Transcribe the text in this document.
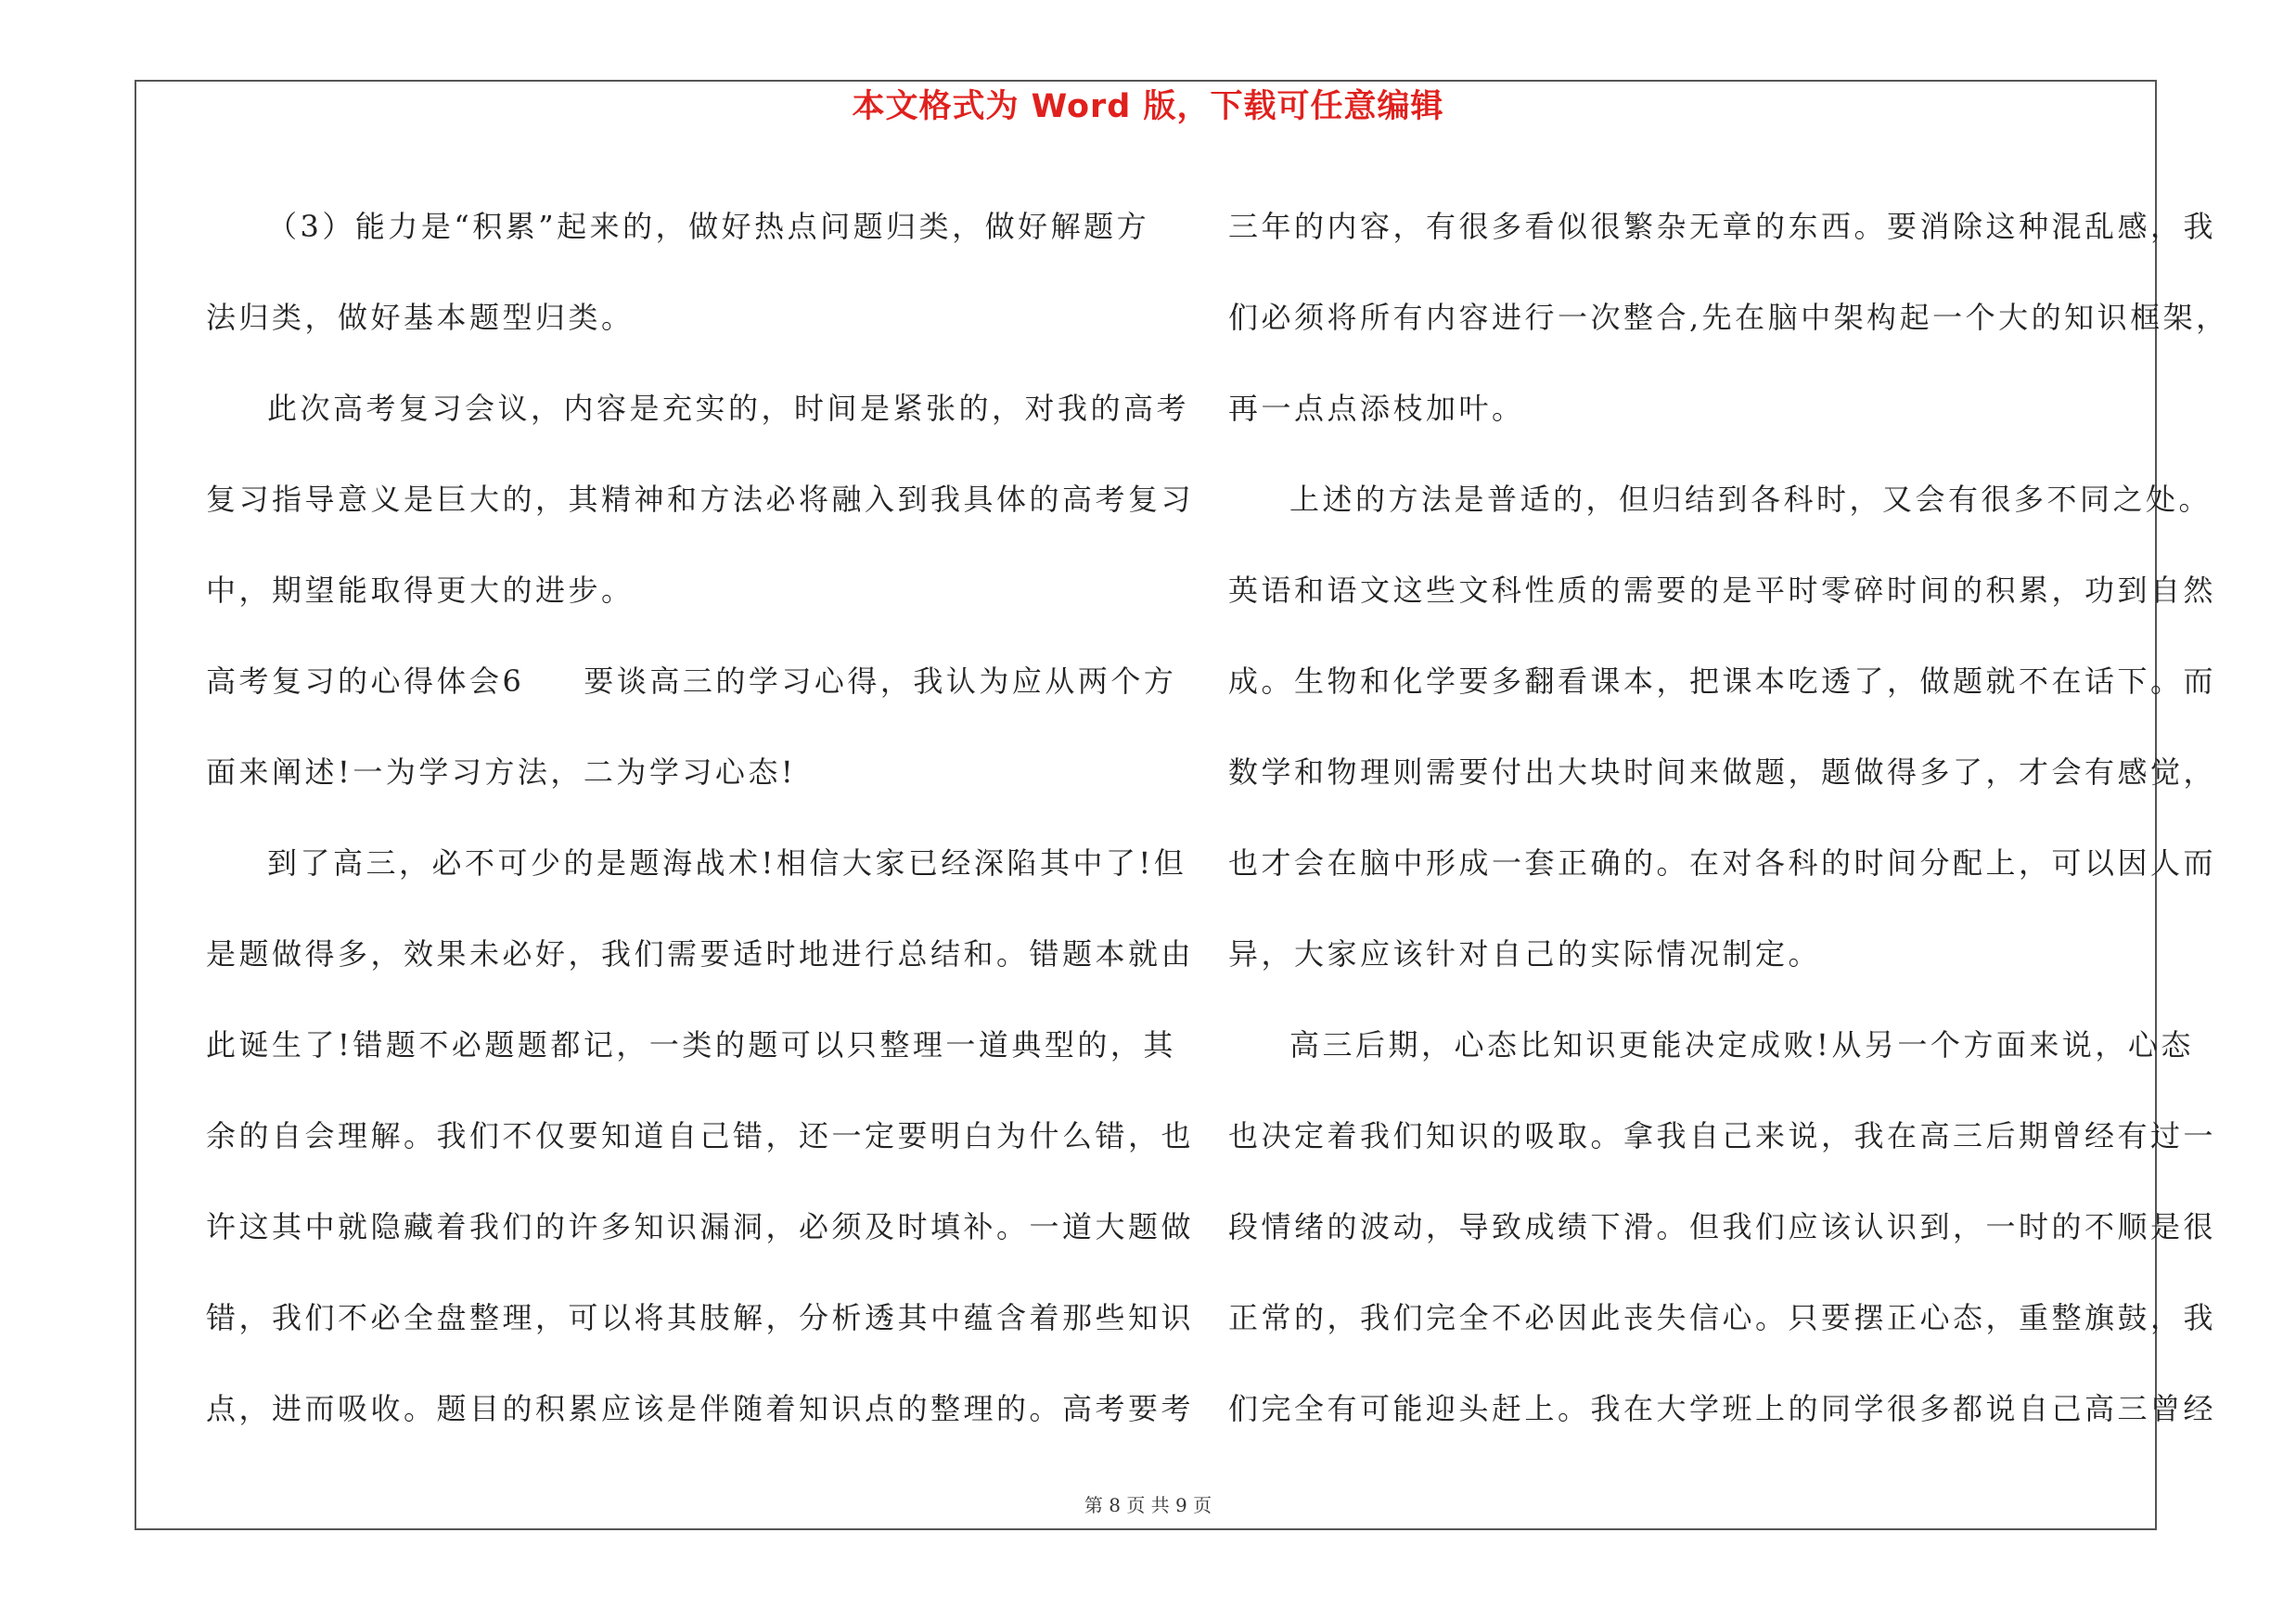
本文格式为 Word 版，下载可任意编辑
（3）能力是“积累”起来的，做好热点问题归类，做好解题方
法归类，做好基本题型归类。
此次高考复习会议，内容是充实的，时间是紧张的，对我的高考
复习指导意义是巨大的，其精神和方法必将融入到我具体的高考复习
中，期望能取得更大的进步。
高考复习的心得体会6 要谈高三的学习心得，我认为应从两个方
面来阐述!一为学习方法，二为学习心态!
到了高三，必不可少的是题海战术!相信大家已经深陷其中了!但
是题做得多，效果未必好，我们需要适时地进行总结和。错题本就由
此诞生了!错题不必题题都记，一类的题可以只整理一道典型的，其
余的自会理解。我们不仅要知道自己错，还一定要明白为什么错，也
许这其中就隐藏着我们的许多知识漏洞，必须及时填补。一道大题做
错，我们不必全盘整理，可以将其肢解，分析透其中蕴含着那些知识
点，进而吸收。题目的积累应该是伴随着知识点的整理的。高考要考
三年的内容，有很多看似很繁杂无章的东西。要消除这种混乱感，我
们必须将所有内容进行一次整合,先在脑中架构起一个大的知识框架，
再一点点添枝加叶。
上述的方法是普适的，但归结到各科时，又会有很多不同之处。
英语和语文这些文科性质的需要的是平时零碎时间的积累，功到自然
成。生物和化学要多翻看课本，把课本吃透了，做题就不在话下。而
数学和物理则需要付出大块时间来做题，题做得多了，才会有感觉，
也才会在脑中形成一套正确的。在对各科的时间分配上，可以因人而
异，大家应该针对自己的实际情况制定。
高三后期，心态比知识更能决定成败!从另一个方面来说，心态
也决定着我们知识的吸取。拿我自己来说，我在高三后期曾经有过一
段情绪的波动，导致成绩下滑。但我们应该认识到，一时的不顺是很
正常的，我们完全不必因此丧失信心。只要摆正心态，重整旗鼓，我
们完全有可能迎头赶上。我在大学班上的同学很多都说自己高三曾经
第 8 页 共 9 页
